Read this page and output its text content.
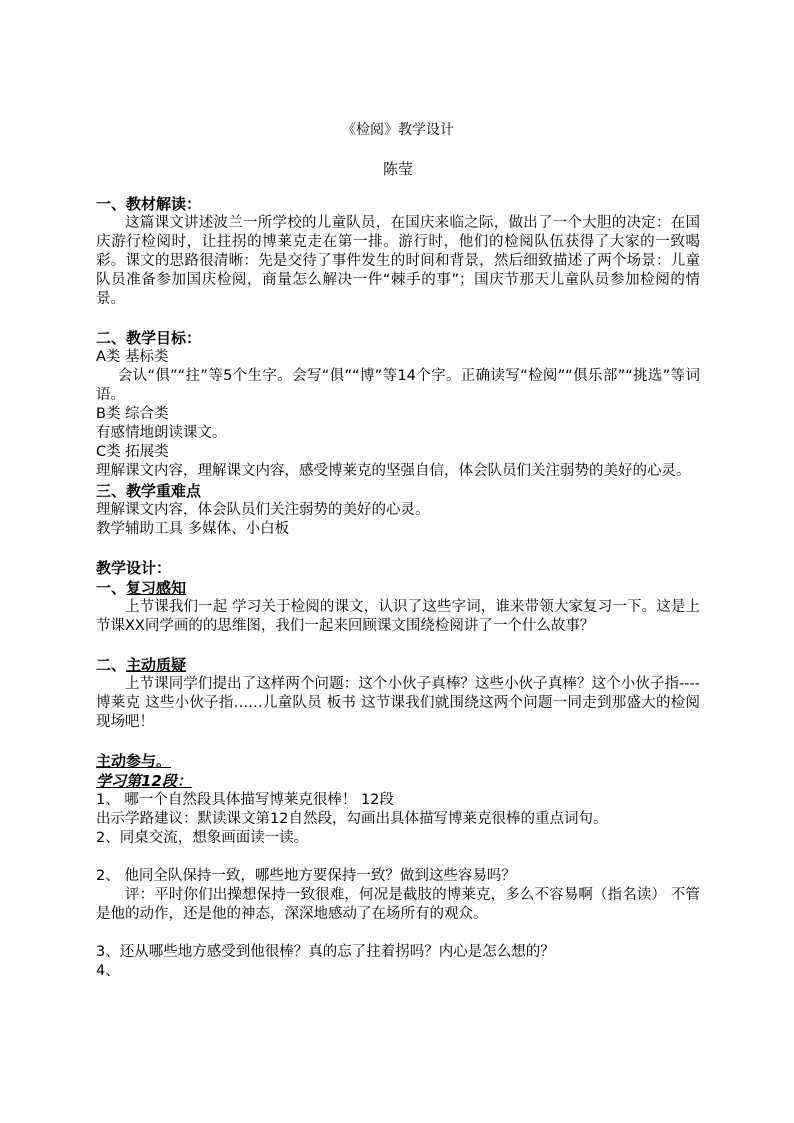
《检阅》教学设计
陈莹
一、教材解读：

这篇课文讲述波兰一所学校的儿童队员，在国庆来临之际，做出了一个大胆的决定：在国庆游行检阅时，让拄拐的博莱克走在第一排。游行时，他们的检阅队伍获得了大家的一致喝彩。课文的思路很清晰：先是交待了事件发生的时间和背景，然后细致描述了两个场景：儿童队员准备参加国庆检阅，商量怎么解决一件“棘手的事”；国庆节那天儿童队员参加检阅的情景。

二、教学目标：

A类 基标类

会认“俱”“拄”等5个生字。会写“俱”“博”等14个字。正确读写“检阅”“俱乐部”“挑选”等词语。

B类 综合类

有感情地朗读课文。

C类 拓展类

理解课文内容，理解课文内容，感受博莱克的坚强自信，体会队员们关注弱势的美好的心灵。

三、教学重难点

理解课文内容，体会队员们关注弱势的美好的心灵。

教学辅助工具 多媒体、小白板

教学设计：
一、复习感知

上节课我们一起 学习关于检阅的课文，认识了这些字词，谁来带领大家复习一下。这是上节课XX同学画的的思维图，我们一起来回顾课文围绕检阅讲了一个什么故事？

二、主动质疑

上节课同学们提出了这样两个问题：这个小伙子真棒？这些小伙子真棒？这个小伙子指----博莱克 这些小伙子指……儿童队员 板书 这节课我们就围绕这两个问题一同走到那盛大的检阅现场吧！

主动参与。
学习第12段：

1、 哪一个自然段具体描写博莱克很棒！ 12段

出示学路建议：默读课文第12自然段，勾画出具体描写博莱克很棒的重点词句。

2、同桌交流，想象画面读一读。

2、 他同全队保持一致，哪些地方要保持一致？做到这些容易吗？

评：平时你们出操想保持一致很难，何况是截肢的博莱克，多么不容易啊（指名读） 不管是他的动作，还是他的神态，深深地感动了在场所有的观众。

3、还从哪些地方感受到他很棒？真的忘了拄着拐吗？内心是怎么想的？

4、
